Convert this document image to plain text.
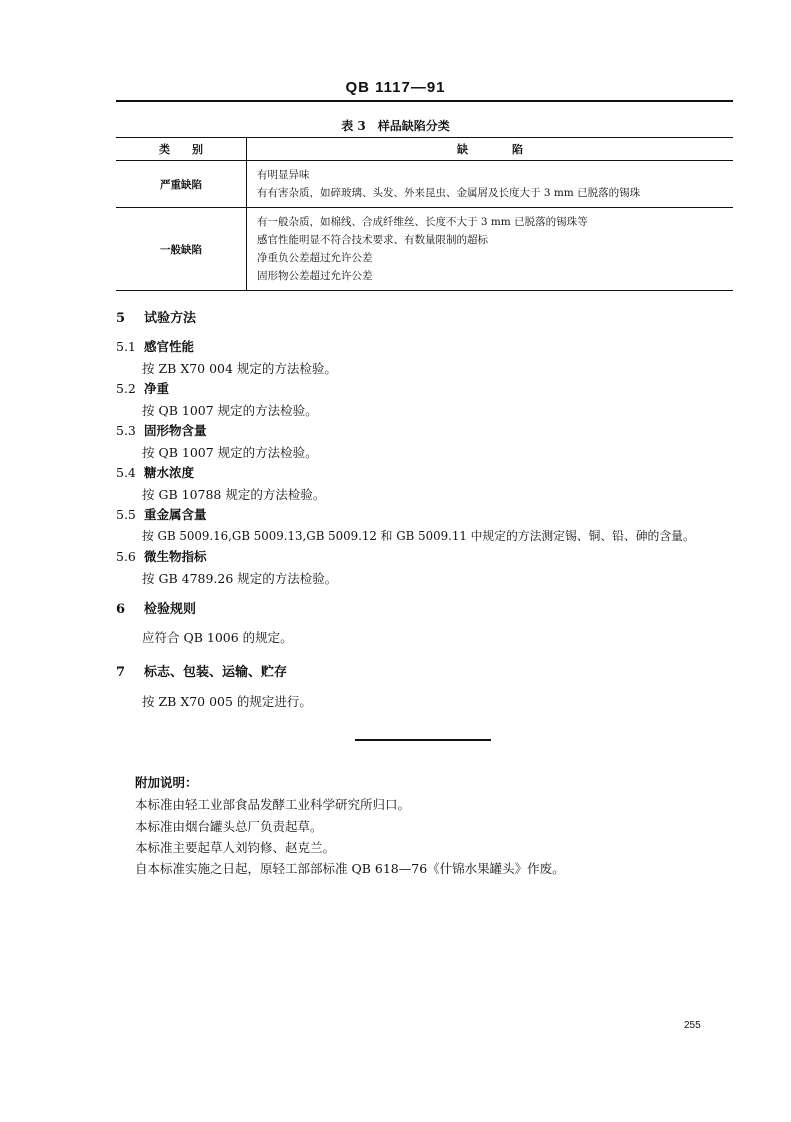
QB 1117—91
表 3　样品缺陷分类
类　　别	缺　　　　陷
严重缺陷	有明显异味
有有害杂质，如碎玻璃、头发、外来昆虫、金属屑及长度大于 3 mm 已脱落的锡珠

一般缺陷	有一般杂质，如棉线、合成纤维丝、长度不大于 3 mm 已脱落的锡珠等
感官性能明显不符合技术要求、有数量限制的超标
净重负公差超过允许公差
固形物公差超过允许公差
5 试验方法
5.1 感官性能
按 ZB X70 004 规定的方法检验。
5.2 净重
按 QB 1007 规定的方法检验。
5.3 固形物含量
按 QB 1007 规定的方法检验。
5.4 糖水浓度
按 GB 10788 规定的方法检验。
5.5 重金属含量
按 GB 5009.16,GB 5009.13,GB 5009.12 和 GB 5009.11 中规定的方法测定锡、铜、铅、砷的含量。
5.6 微生物指标
按 GB 4789.26 规定的方法检验。
6 检验规则
应符合 QB 1006 的规定。
7 标志、包装、运输、贮存
按 ZB X70 005 的规定进行。
附加说明：
本标准由轻工业部食品发酵工业科学研究所归口。
本标准由烟台罐头总厂负责起草。
本标准主要起草人刘钧修、赵克兰。
自本标准实施之日起，原轻工部部标准 QB 618—76《什锦水果罐头》作废。
255
